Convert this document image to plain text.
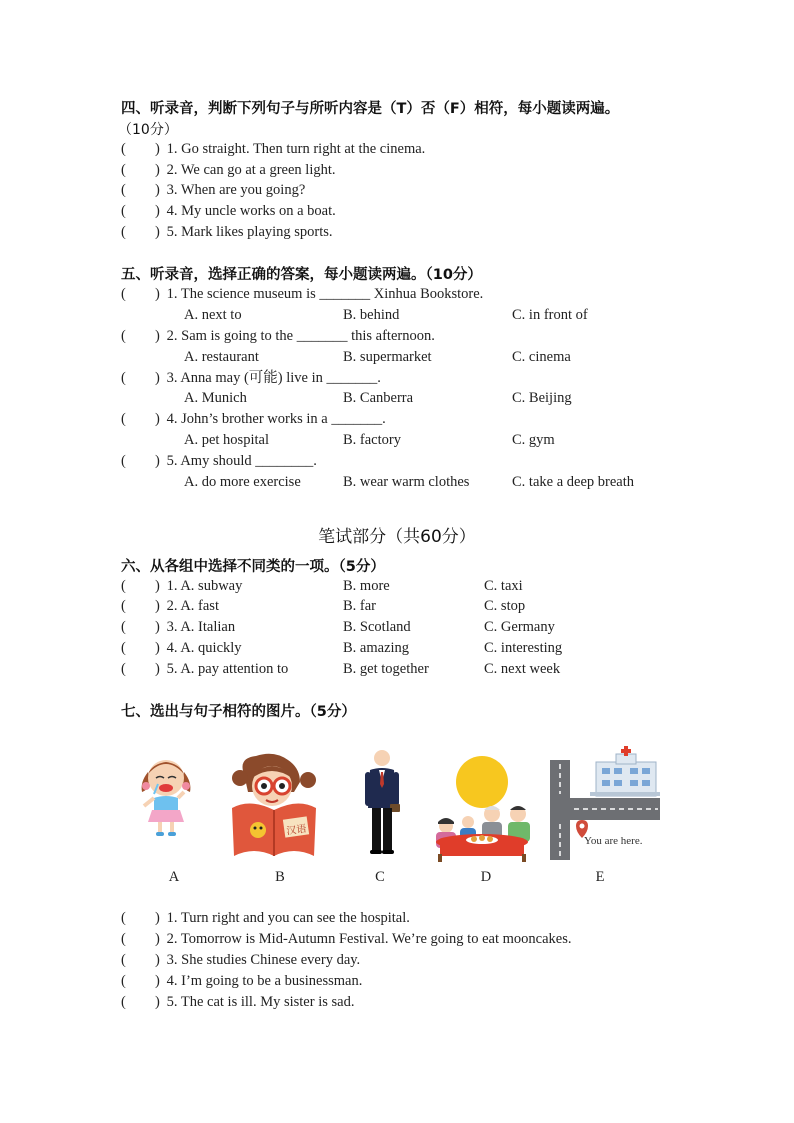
四、听录音，判断下列句子与所听内容是（T）否（F）相符，每小题读两遍。
（10分）
( ) 1. Go straight. Then turn right at the cinema.
( ) 2. We can go at a green light.
( ) 3. When are you going?
( ) 4. My uncle works on a boat.
( ) 5. Mark likes playing sports.
五、听录音，选择正确的答案，每小题读两遍。（10分）
( ) 1. The science museum is _______ Xinhua Bookstore.
A. next to	B. behind	C. in front of
( ) 2. Sam is going to the _______ this afternoon.
A. restaurant	B. supermarket	C. cinema
( ) 3. Anna may (可能) live in _______.
A. Munich	B. Canberra	C. Beijing
( ) 4. John’s brother works in a _______.
A. pet hospital	B. factory	C. gym
( ) 5. Amy should ________.
A. do more exercise	B. wear warm clothes	C. take a deep breath
笔试部分（共60分）
六、从各组中选择不同类的一项。（5分）
( ) 1. A. subway	B. more	C. taxi
( ) 2. A. fast	B. far	C. stop
( ) 3. A. Italian	B. Scotland	C. Germany
( ) 4. A. quickly	B. amazing	C. interesting
( ) 5. A. pay attention to	B. get together	C. next week
七、选出与句子相符的图片。（5分）
汉语
You are here.
A	B	C	D	E
( ) 1. Turn right and you can see the hospital.
( ) 2. Tomorrow is Mid-Autumn Festival. We’re going to eat mooncakes.
( ) 3. She studies Chinese every day.
( ) 4. I’m going to be a businessman.
( ) 5. The cat is ill. My sister is sad.
